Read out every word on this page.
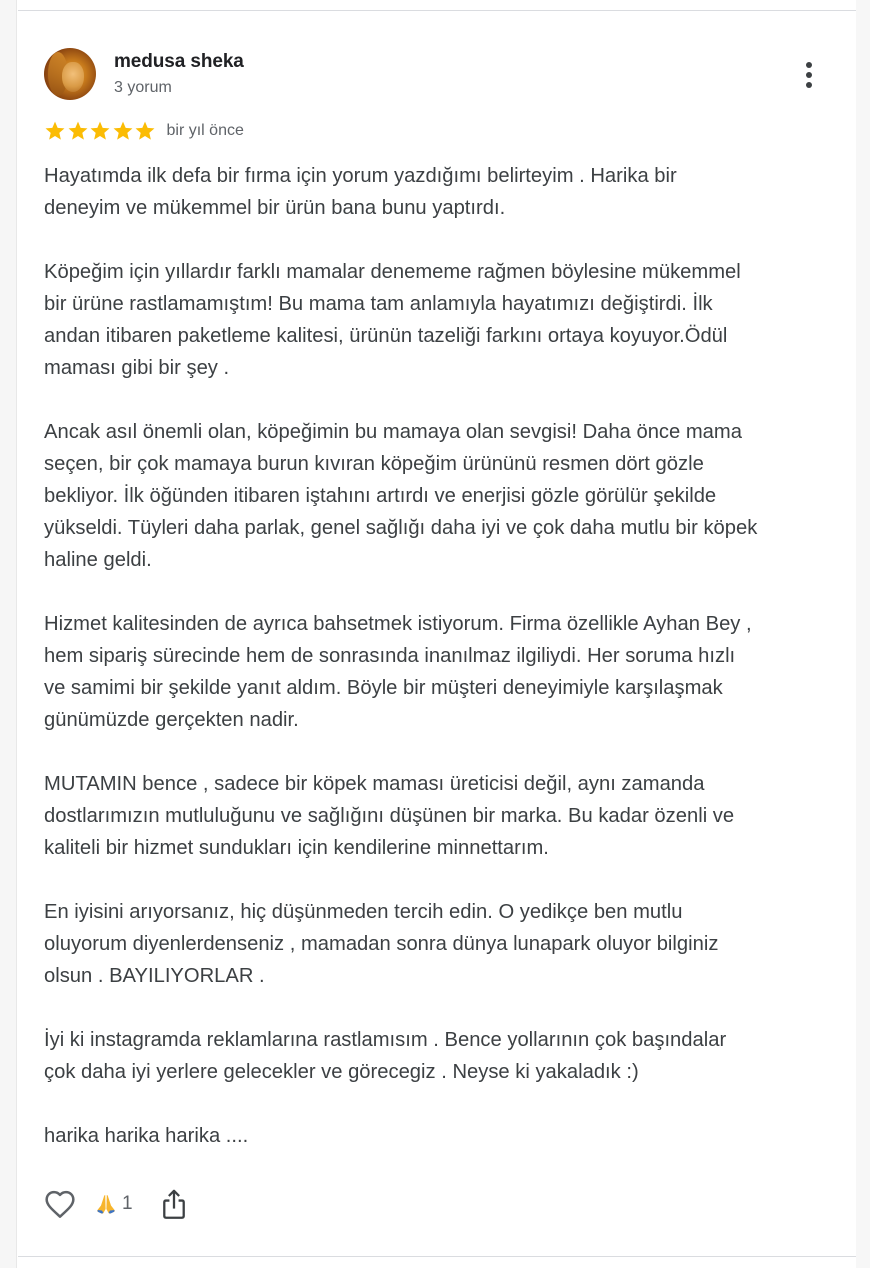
medusa sheka
3 yorum
bir yıl önce

Hayatımda ilk defa bir fırma için yorum yazdığımı belirteyim . Harika bir
deneyim ve mükemmel bir ürün bana bunu yaptırdı.

Köpeğim için yıllardır farklı mamalar denememe rağmen böylesine mükemmel
bir ürüne rastlamamıştım! Bu mama tam anlamıyla hayatımızı değiştirdi. İlk
andan itibaren paketleme kalitesi, ürünün tazeliği farkını ortaya koyuyor.Ödül
maması gibi bir şey .

Ancak asıl önemli olan, köpeğimin bu mamaya olan sevgisi! Daha önce mama
seçen, bir çok mamaya burun kıvıran köpeğim ürününü resmen dört gözle
bekliyor. İlk öğünden itibaren iştahını artırdı ve enerjisi gözle görülür şekilde
yükseldi. Tüyleri daha parlak, genel sağlığı daha iyi ve çok daha mutlu bir köpek
haline geldi.

Hizmet kalitesinden de ayrıca bahsetmek istiyorum. Firma özellikle Ayhan Bey ,
hem sipariş sürecinde hem de sonrasında inanılmaz ilgiliydi. Her soruma hızlı
ve samimi bir şekilde yanıt aldım. Böyle bir müşteri deneyimiyle karşılaşmak
günümüzde gerçekten nadir.

MUTAMIN bence , sadece bir köpek maması üreticisi değil, aynı zamanda
dostlarımızın mutluluğunu ve sağlığını düşünen bir marka. Bu kadar özenli ve
kaliteli bir hizmet sundukları için kendilerine minnettarım.

En iyisini arıyorsanız, hiç düşünmeden tercih edin. O yedikçe ben mutlu
oluyorum diyenlerdenseniz , mamadan sonra dünya lunapark oluyor bilginiz
olsun . BAYILIYORLAR .

İyi ki instagramda reklamlarına rastlamısım . Bence yollarının çok başındalar
çok daha iyi yerlere gelecekler ve görecegiz . Neyse ki yakaladık :)

harika harika harika ....

1
